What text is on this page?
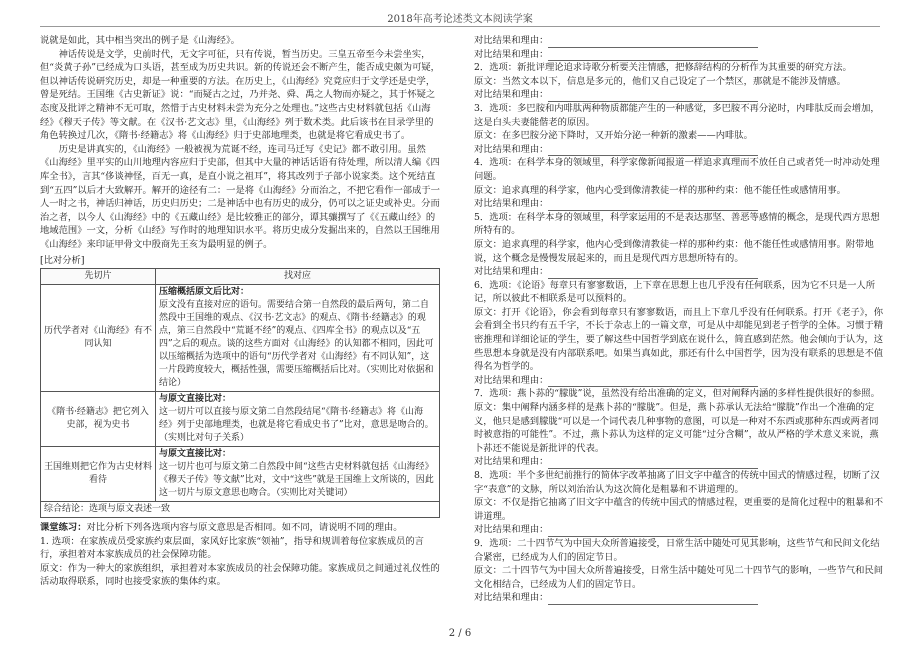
2018年高考论述类文本阅读学案

说就是如此，其中相当突出的例子是《山海经》。

神话传说是文学，史前时代，无文字可征，只有传说，暂当历史。三皇五帝至今未尝坐实，但“炎黄子孙”已经成为口头语，甚至成为历史共识。新的传说还会不断产生，能否成史颇为可疑，但以神话传说研究历史，却是一种重要的方法。在历史上，《山海经》究竟应归于文学还是史学，曾是死结。王国维《古史新证》说：“而疑古之过，乃并尧、舜、禹之人物而亦疑之，其于怀疑之态度及批评之精神不无可取，然惜于古史材料未尝为充分之处理也。”这些古史材料就包括《山海经》《穆天子传》等文献。在《汉书·艺文志》里，《山海经》列于数术类。此后该书在目录学里的角色转换过几次，《隋书·经籍志》将《山海经》归于史部地理类，也就是将它看成史书了。

历史是讲真实的，《山海经》一般被视为荒诞不经，连司马迁写《史记》都不敢引用。虽然《山海经》里平实的山川地理内容应归于史部，但其中大量的神话话语有待处理，所以清人编《四库全书》，言其“侈谈神怪，百无一真，是直小说之祖耳”，将其改列于子部小说家类。这个死结直到“五四”以后才大致解开。解开的途径有二：一是将《山海经》分而治之，不把它看作一部成于一人一时之书，神话归神话，历史归历史；二是神话中也有历史的成分，仍可以之证史或补史。分而治之者，以今人《山海经》中的《五藏山经》是比较雅正的部分，谭其骧撰写了《《五藏山经》的地域范围》一文，分析《山经》写作时的地理知识水平。将历史成分发掘出来的，自然以王国维用《山海经》来印证甲骨文中殷商先王亥为最明显的例子。

[比对分析]

先切片	找对应
历代学者对《山海经》有不同认知	压缩概括原文后比对：
原文没有直接对应的语句。需要结合第一自然段的最后两句，第二自然段中王国维的观点、《汉书·艺文志》的观点、《隋书·经籍志》的观点，第三自然段中“荒诞不经”的观点、《四库全书》的观点以及“五四”之后的观点。谈的这些方面对《山海经》的认知都不相同，因此可以压缩概括为选项中的语句“历代学者对《山海经》有不同认知”，这一片段跨度较大，概括性强，需要压缩概括后比对。（实则比对依据和结论）

《隋书·经籍志》把它列入史部，视为史书	与原文直接比对：
这一切片可以直接与原文第二自然段结尾“《隋书·经籍志》将《山海经》列于史部地理类，也就是将它看成史书了”比对，意思是吻合的。（实则比对句子关系）

王国维则把它作为古史材料看待	与原文直接比对：
这一切片也可与原文第二自然段中间“这些古史材料就包括《山海经》《穆天子传》等文献”比对，文中“这些”就是王国维上文所谈的，因此这一切片与原文意思也吻合。（实则比对关键词）

综合结论：选项与原文表述一致	

课堂练习：对比分析下列各选项内容与原文意思是否相同。如不同，请说明不同的理由。

1. 选项：在家族成员受家族约束层面，家风好比家族“领袖”，指导和规训着每位家族成员的言行，承担着对本家族成员的社会保障功能。

原文：作为一种大的家族组织，承担着对本家族成员的社会保障功能。家族成员之间通过礼仪性的活动取得联系，同时也接受家族的集体约束。

对比结果和理由：

对比结果和理由：

2．选项：新批评理论追求诗歌分析要关注情感，把修辞结构的分析作为其重要的研究方法。

原文：当然文本以下，信息是多元的，他们又自己设定了一个禁区，那就是不能涉及情感。

对比结果和理由：

3．选项：多巴胺和内啡肽两种物质都能产生的一种感觉，多巴胺不再分泌时，内啡肽反而会增加，这是白头夫妻能偕老的原因。

原文：在多巴胺分泌下降时，又开始分泌一种新的激素——内啡肽。

对比结果和理由：

4．选项：在科学本身的领域里，科学家像新闻报道一样追求真理而不放任自己或者凭一时冲动处理问题。

原文：追求真理的科学家，他内心受到像清教徒一样的那种约束：他不能任性或感情用事。

对比结果和理由：

5．选项：在科学本身的领域里，科学家运用的不是表达那坚、善恶等感情的概念，是现代西方思想所特有的。

原文：追求真理的科学家，他内心受到像清教徒一样的那种约束：他不能任性或感情用事。附带地说，这个概念是慢慢发展起来的，而且是现代西方思想所特有的。

对比结果和理由：

6．选项：《论语》每章只有寥寥数语，上下章在思想上也几乎没有任何联系，因为它不只是一人所记，所以彼此不相联系是可以预料的。

原文：打开《论语》，你会看到每章只有寥寥数语，而且上下章几乎没有任何联系。打开《老子》，你会看到全书只约有五千字，不长于杂志上的一篇文章，可是从中却能见到老子哲学的全体。习惯于精密推理和详细论证的学生，要了解这些中国哲学到底在说什么，简直感到茫然。他会倾向于认为，这些思想本身就是没有内部联系吧。如果当真如此，那还有什么中国哲学，因为没有联系的思想是不值得名为哲学的。

对比结果和理由：

7．选项：燕卜荪的“朦胧”说，虽然没有给出准确的定义，但对阐释内涵的多样性提供很好的参照。

原文：集中阐释内涵多样的是燕卜荪的“朦胧”。但是，燕卜荪承认无法给“朦胧”作出一个准确的定义，他只是感到朦胧“可以是一个词代表几种事物的意图，可以是一种对不东西或那种东西或两者同时被意指的可能性”。不过，燕卜荪认为这样的定义可能“过分含糊”，故从严格的学术意义来说，燕卜荪还不能说是新批评的代表。

对比结果和理由：

8．选项：半个多世纪前推行的简体字改革抽离了旧文字中蕴含的传统中国式的情感过程，切断了汉字“表意”的文脉，所以刘治治认为这次简化是粗暴和不讲道理的。

原文：不仅是指它抽离了旧文字中蕴含的传统中国式的情感过程，更重要的是简化过程中的粗暴和不讲道理。

对比结果和理由：

9．选项：二十四节气为中国大众所普遍接受，日常生活中随处可见其影响，这些节气和民间文化结合紧密，已经成为人们的固定节日。

原文：二十四节气为中国大众所普遍接受，日常生活中随处可见二十四节气的影响，一些节气和民间文化相结合，已经成为人们的固定节日。

对比结果和理由：

2 / 6
